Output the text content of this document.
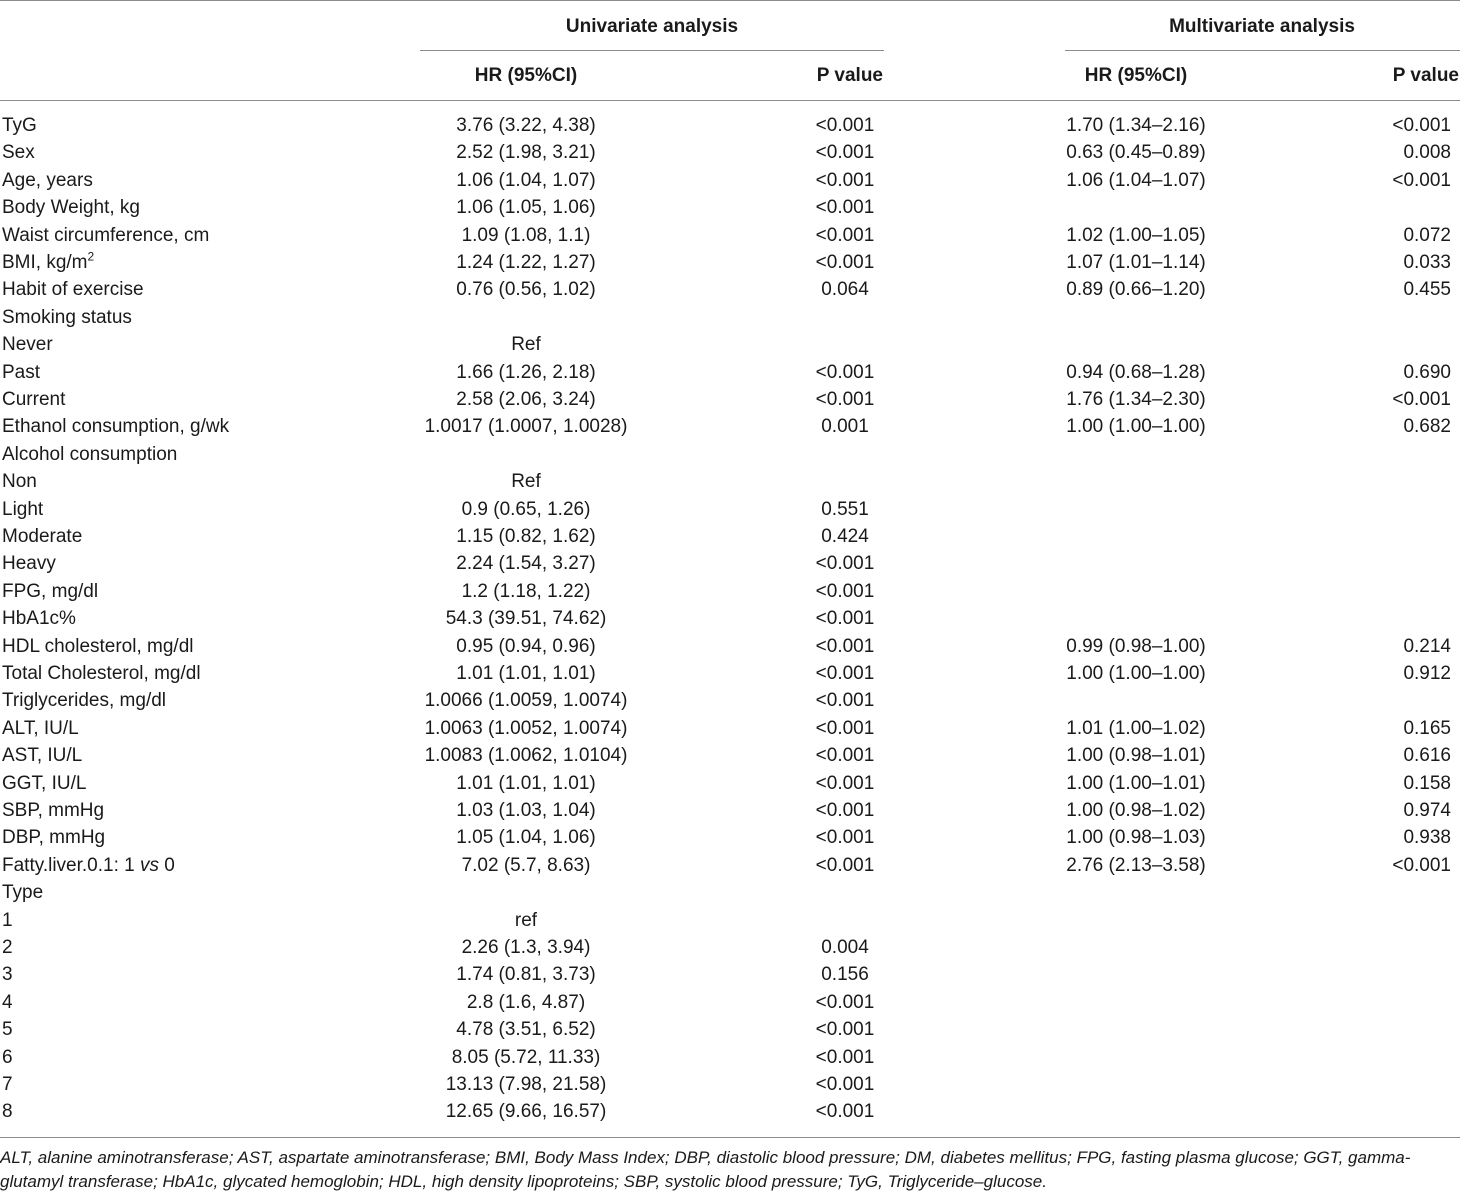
Univariate analysis	Multivariate analysis
HR (95%CI)	P value	HR (95%CI)	P value
TyG	3.76 (3.22, 4.38)	<0.001	1.70 (1.34–2.16)	<0.001
Sex	2.52 (1.98, 3.21)	<0.001	0.63 (0.45–0.89)	0.008
Age, years	1.06 (1.04, 1.07)	<0.001	1.06 (1.04–1.07)	<0.001
Body Weight, kg	1.06 (1.05, 1.06)	<0.001
Waist circumference, cm	1.09 (1.08, 1.1)	<0.001	1.02 (1.00–1.05)	0.072
BMI, $kg/m^2$	1.24 (1.22, 1.27)	<0.001	1.07 (1.01–1.14)	0.033
Habit of exercise	0.76 (0.56, 1.02)	0.064	0.89 (0.66–1.20)	0.455
Smoking status
Never	Ref
Past	1.66 (1.26, 2.18)	<0.001	0.94 (0.68–1.28)	0.690
Current	2.58 (2.06, 3.24)	<0.001	1.76 (1.34–2.30)	<0.001
Ethanol consumption, g/wk	1.0017 (1.0007, 1.0028)	0.001	1.00 (1.00–1.00)	0.682
Alcohol consumption
Non	Ref
Light	0.9 (0.65, 1.26)	0.551
Moderate	1.15 (0.82, 1.62)	0.424
Heavy	2.24 (1.54, 3.27)	<0.001
FPG, mg/dl	1.2 (1.18, 1.22)	<0.001
HbA1c%	54.3 (39.51, 74.62)	<0.001
HDL cholesterol, mg/dl	0.95 (0.94, 0.96)	<0.001	0.99 (0.98–1.00)	0.214
Total Cholesterol, mg/dl	1.01 (1.01, 1.01)	<0.001	1.00 (1.00–1.00)	0.912
Triglycerides, mg/dl	1.0066 (1.0059, 1.0074)	<0.001
ALT, IU/L	1.0063 (1.0052, 1.0074)	<0.001	1.01 (1.00–1.02)	0.165
AST, IU/L	1.0083 (1.0062, 1.0104)	<0.001	1.00 (0.98–1.01)	0.616
GGT, IU/L	1.01 (1.01, 1.01)	<0.001	1.00 (1.00–1.01)	0.158
SBP, mmHg	1.03 (1.03, 1.04)	<0.001	1.00 (0.98–1.02)	0.974
DBP, mmHg	1.05 (1.04, 1.06)	<0.001	1.00 (0.98–1.03)	0.938
Fatty.liver.0.1: 1 vs 0	7.02 (5.7, 8.63)	<0.001	2.76 (2.13–3.58)	<0.001
Type
1	ref
2	2.26 (1.3, 3.94)	0.004
3	1.74 (0.81, 3.73)	0.156
4	2.8 (1.6, 4.87)	<0.001
5	4.78 (3.51, 6.52)	<0.001
6	8.05 (5.72, 11.33)	<0.001
7	13.13 (7.98, 21.58)	<0.001
8	12.65 (9.66, 16.57)	<0.001
ALT, alanine aminotransferase; AST, aspartate aminotransferase; BMI, Body Mass Index; DBP, diastolic blood pressure; DM, diabetes mellitus; FPG, fasting plasma glucose; GGT, gamma-glutamyl transferase; HbA1c, glycated hemoglobin; HDL, high density lipoproteins; SBP, systolic blood pressure; TyG, Triglyceride–glucose.
